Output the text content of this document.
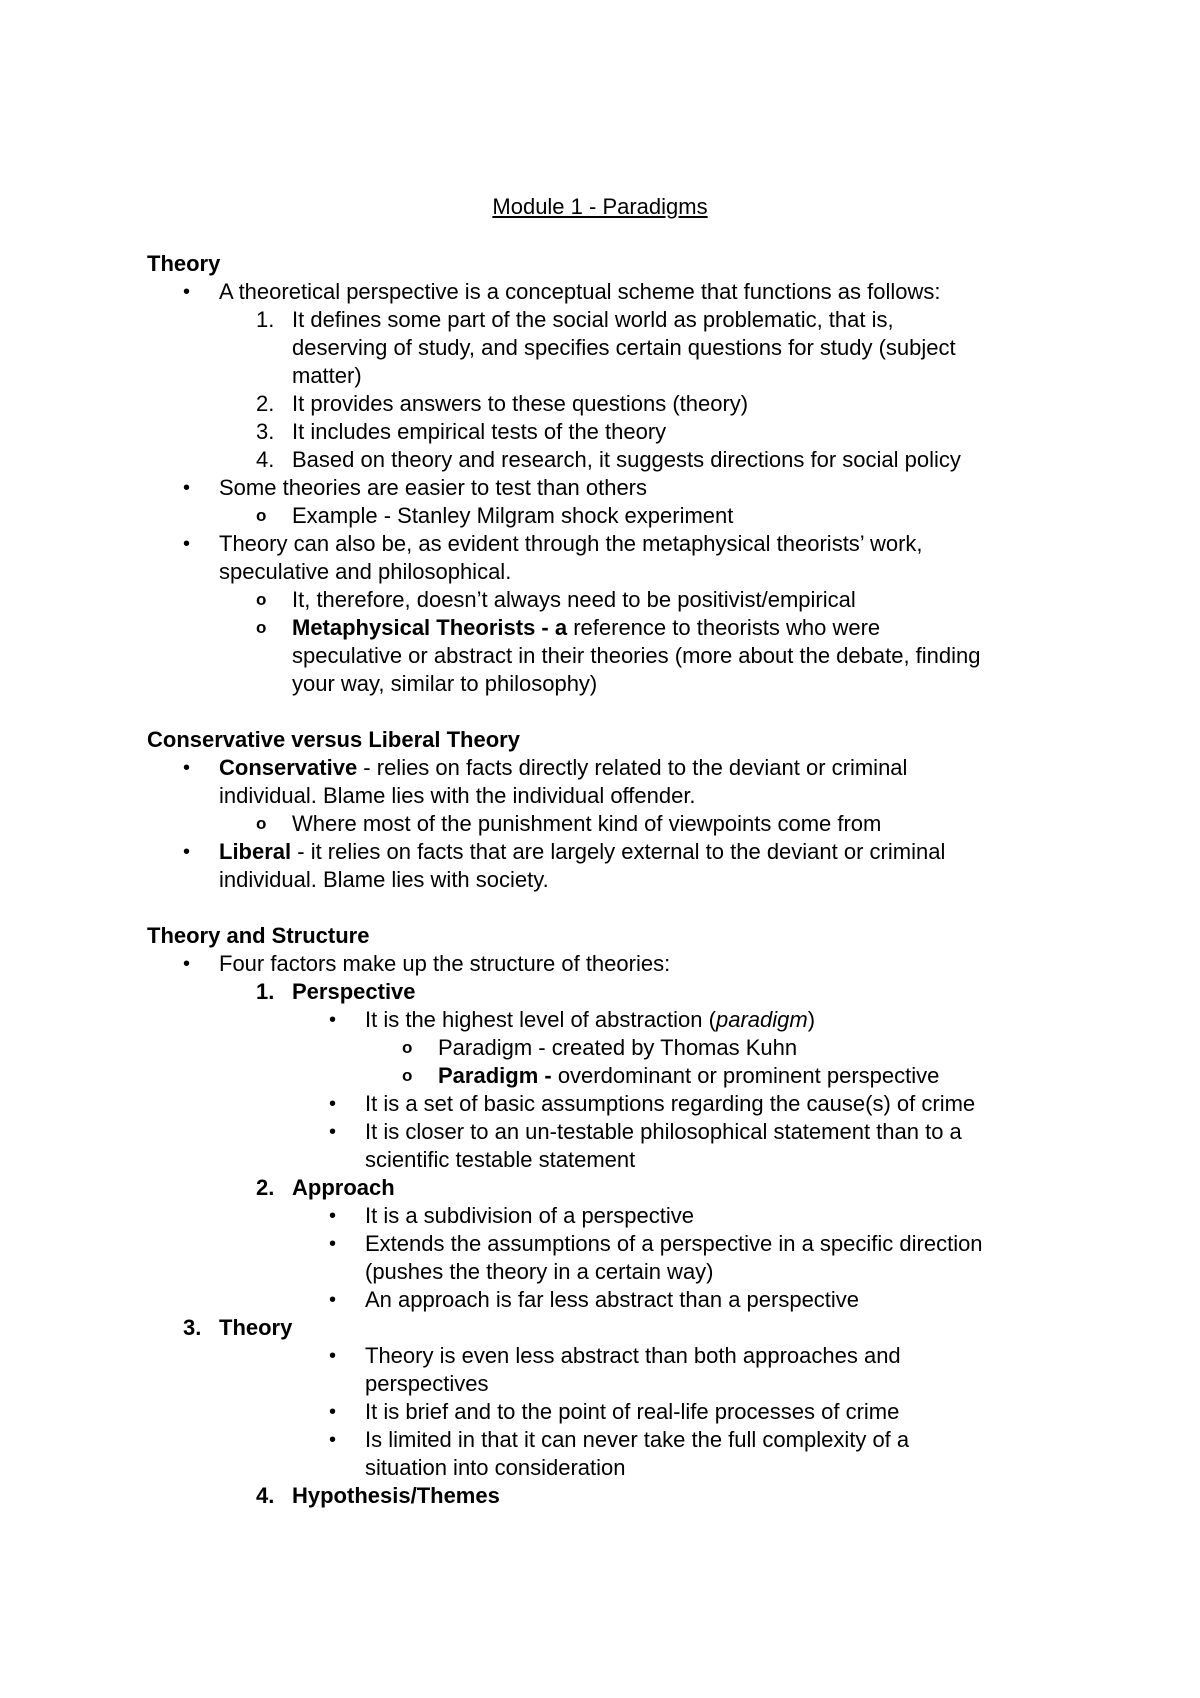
Module 1 - Paradigms
Theory
• A theoretical perspective is a conceptual scheme that functions as follows:
1. It defines some part of the social world as problematic, that is,
deserving of study, and specifies certain questions for study (subject
matter)
2. It provides answers to these questions (theory)
3. It includes empirical tests of the theory
4. Based on theory and research, it suggests directions for social policy
• Some theories are easier to test than others
o Example - Stanley Milgram shock experiment
• Theory can also be, as evident through the metaphysical theorists’ work,
speculative and philosophical.
o It, therefore, doesn’t always need to be positivist/empirical
o Metaphysical Theorists - a reference to theorists who were
speculative or abstract in their theories (more about the debate, finding
your way, similar to philosophy)
Conservative versus Liberal Theory
• Conservative - relies on facts directly related to the deviant or criminal
individual. Blame lies with the individual offender.
o Where most of the punishment kind of viewpoints come from
• Liberal - it relies on facts that are largely external to the deviant or criminal
individual. Blame lies with society.
Theory and Structure
• Four factors make up the structure of theories:
1. Perspective
• It is the highest level of abstraction (paradigm)
o Paradigm - created by Thomas Kuhn
o Paradigm - overdominant or prominent perspective
• It is a set of basic assumptions regarding the cause(s) of crime
• It is closer to an un-testable philosophical statement than to a
scientific testable statement
2. Approach
• It is a subdivision of a perspective
• Extends the assumptions of a perspective in a specific direction
(pushes the theory in a certain way)
• An approach is far less abstract than a perspective
3. Theory
• Theory is even less abstract than both approaches and
perspectives
• It is brief and to the point of real-life processes of crime
• Is limited in that it can never take the full complexity of a
situation into consideration
4. Hypothesis/Themes
